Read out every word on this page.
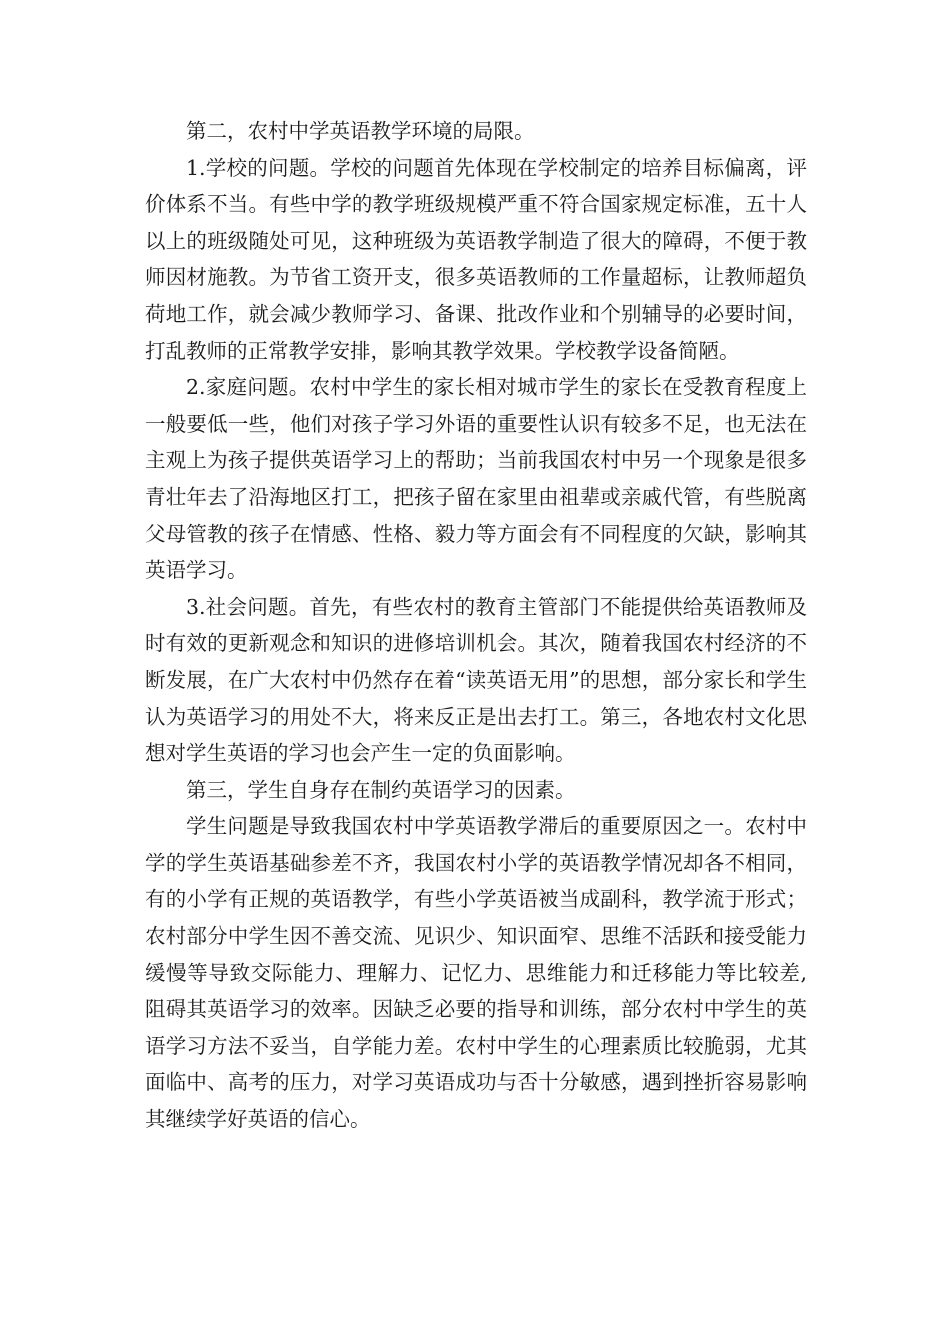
第二，农村中学英语教学环境的局限。

1.学校的问题。学校的问题首先体现在学校制定的培养目标偏离，评价体系不当。有些中学的教学班级规模严重不符合国家规定标准，五十人以上的班级随处可见，这种班级为英语教学制造了很大的障碍，不便于教师因材施教。为节省工资开支，很多英语教师的工作量超标，让教师超负荷地工作，就会减少教师学习、备课、批改作业和个别辅导的必要时间，打乱教师的正常教学安排，影响其教学效果。学校教学设备简陋。

2.家庭问题。农村中学生的家长相对城市学生的家长在受教育程度上一般要低一些，他们对孩子学习外语的重要性认识有较多不足，也无法在主观上为孩子提供英语学习上的帮助；当前我国农村中另一个现象是很多青壮年去了沿海地区打工，把孩子留在家里由祖辈或亲戚代管，有些脱离父母管教的孩子在情感、性格、毅力等方面会有不同程度的欠缺，影响其英语学习。

3.社会问题。首先，有些农村的教育主管部门不能提供给英语教师及时有效的更新观念和知识的进修培训机会。其次，随着我国农村经济的不断发展，在广大农村中仍然存在着“读英语无用”的思想，部分家长和学生认为英语学习的用处不大，将来反正是出去打工。第三，各地农村文化思想对学生英语的学习也会产生一定的负面影响。

第三，学生自身存在制约英语学习的因素。

学生问题是导致我国农村中学英语教学滞后的重要原因之一。农村中学的学生英语基础参差不齐，我国农村小学的英语教学情况却各不相同，有的小学有正规的英语教学，有些小学英语被当成副科，教学流于形式；农村部分中学生因不善交流、见识少、知识面窄、思维不活跃和接受能力缓慢等导致交际能力、理解力、记忆力、思维能力和迁移能力等比较差,阻碍其英语学习的效率。因缺乏必要的指导和训练，部分农村中学生的英语学习方法不妥当，自学能力差。农村中学生的心理素质比较脆弱，尤其面临中、高考的压力，对学习英语成功与否十分敏感，遇到挫折容易影响其继续学好英语的信心。
